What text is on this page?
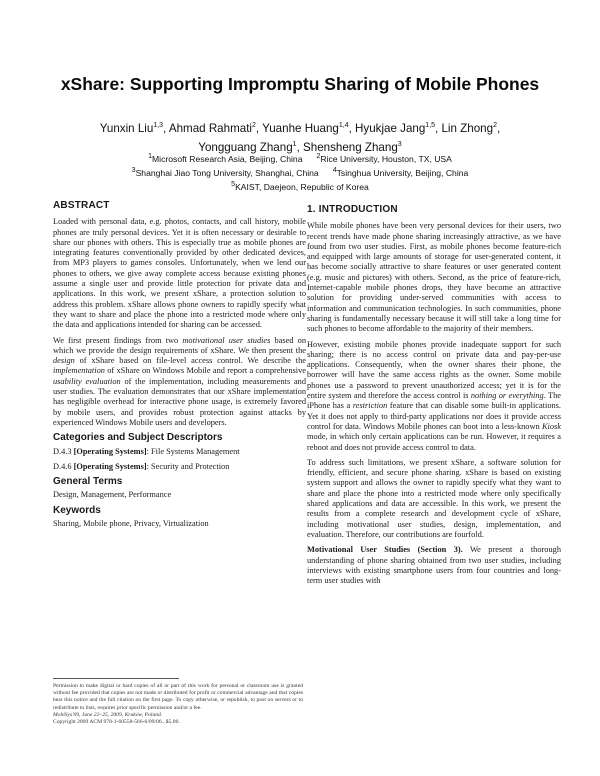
xShare: Supporting Impromptu Sharing of Mobile Phones
Yunxin Liu$^{1,3}$, Ahmad Rahmati$^2$, Yuanhe Huang$^{1,4}$, Hyukjae Jang$^{1,5}$, Lin Zhong$^2$,
Yongguang Zhang$^1$, Shensheng Zhang$^3$
$^1$Microsoft Research Asia, Beijing, China $^2$Rice University, Houston, TX, USA
$^3$Shanghai Jiao Tong University, Shanghai, China $^4$Tsinghua University, Beijing, China
$^5$KAIST, Daejeon, Republic of Korea
ABSTRACT

Loaded with personal data, e.g. photos, contacts, and call history, mobile phones are truly personal devices. Yet it is often necessary or desirable to share our phones with others. This is especially true as mobile phones are integrating features conventionally provided by other dedicated devices, from MP3 players to games consoles. Unfortunately, when we lend our phones to others, we give away complete access because existing phones assume a single user and provide little protection for private data and applications. In this work, we present xShare, a protection solution to address this problem. xShare allows phone owners to rapidly specify what they want to share and place the phone into a restricted mode where only the data and applications intended for sharing can be accessed.

We first present findings from two motivational user studies based on which we provide the design requirements of xShare. We then present the design of xShare based on file-level access control. We describe the implementation of xShare on Windows Mobile and report a comprehensive usability evaluation of the implementation, including measurements and user studies. The evaluation demonstrates that our xShare implementation has negligible overhead for interactive phone usage, is extremely favored by mobile users, and provides robust protection against attacks by experienced Windows Mobile users and developers.

Categories and Subject Descriptors

D.4.3 [Operating Systems]: File Systems Management

D.4.6 [Operating Systems]: Security and Protection

General Terms

Design, Management, Performance

Keywords

Sharing, Mobile phone, Privacy, Virtualization

Permission to make digital or hard copies of all or part of this work for personal or classroom use is granted without fee provided that copies are not made or distributed for profit or commercial advantage and that copies bear this notice and the full citation on the first page. To copy otherwise, or republish, to post on servers or to redistribute to lists, requires prior specific permission and/or a fee.
MobiSys'09, June 22–25, 2009, Kraków, Poland.
Copyright 2009 ACM 978-1-60558-566-6/09/06...$5.00.
1. INTRODUCTION

While mobile phones have been very personal devices for their users, two recent trends have made phone sharing increasingly attractive, as we have found from two user studies. First, as mobile phones become feature-rich and equipped with large amounts of storage for user-generated content, it has become socially attractive to share features or user generated content (e.g. music and pictures) with others. Second, as the price of feature-rich, Internet-capable mobile phones drops, they have become an attractive solution for providing under-served communities with access to information and communication technologies. In such communities, phone sharing is fundamentally necessary because it will still take a long time for such phones to become affordable to the majority of their members.

However, existing mobile phones provide inadequate support for such sharing; there is no access control on private data and pay-per-use applications. Consequently, when the owner shares their phone, the borrower will have the same access rights as the owner. Some mobile phones use a password to prevent unauthorized access; yet it is for the entire system and therefore the access control is nothing or everything. The iPhone has a restriction feature that can disable some built-in applications. Yet it does not apply to third-party applications nor does it provide access control for data. Windows Mobile phones can boot into a less-known Kiosk mode, in which only certain applications can be run. However, it requires a reboot and does not provide access control to data.

To address such limitations, we present xShare, a software solution for friendly, efficient, and secure phone sharing. xShare is based on existing system support and allows the owner to rapidly specify what they want to share and place the phone into a restricted mode where only specifically shared applications and data are accessible. In this work, we present the results from a complete research and development cycle of xShare, including motivational user studies, design, implementation, and evaluation. Therefore, our contributions are fourfold.

Motivational User Studies (Section 3). We present a thorough understanding of phone sharing obtained from two user studies, including interviews with existing smartphone users from four countries and long-term user studies with
